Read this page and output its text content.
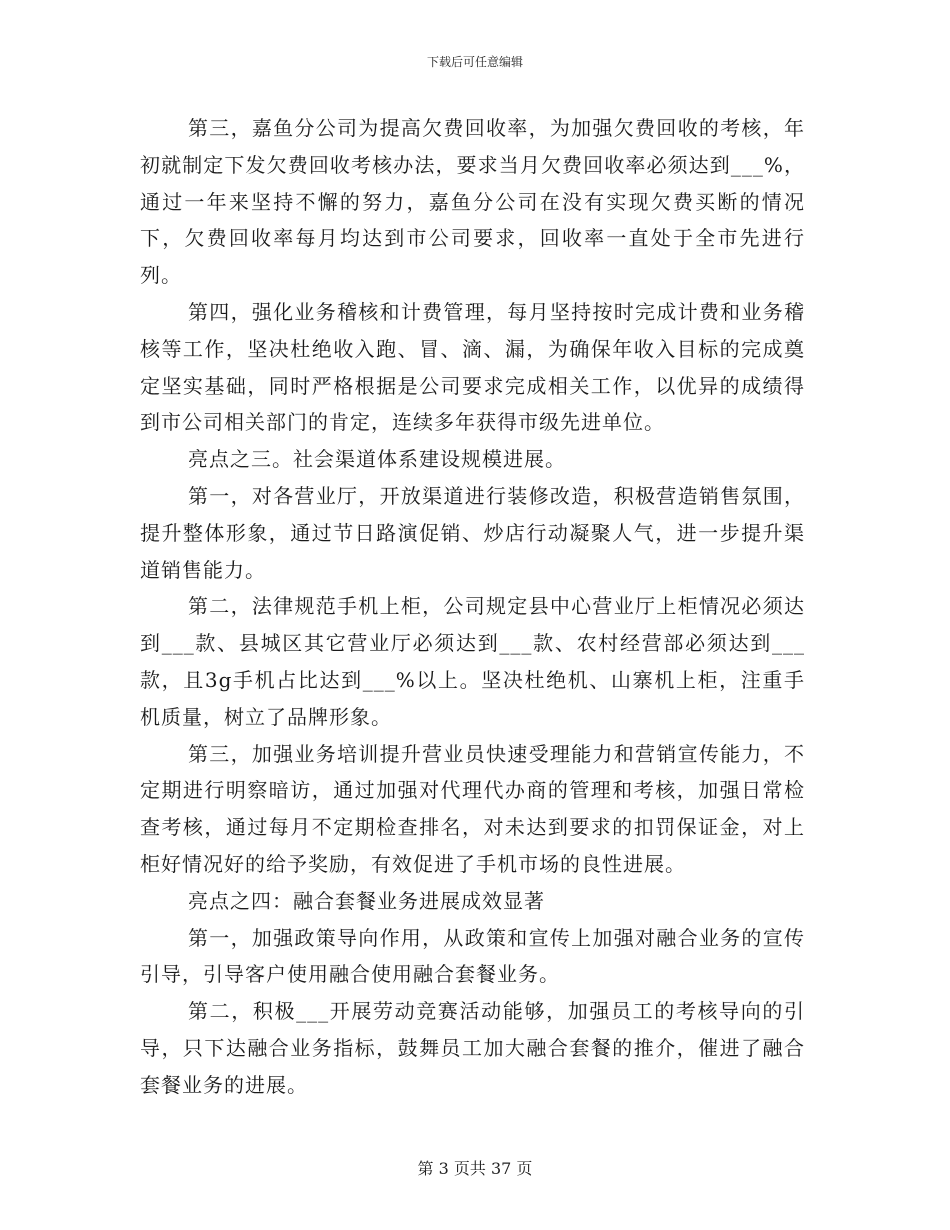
下载后可任意编辑

第三，嘉鱼分公司为提高欠费回收率，为加强欠费回收的考核，年初就制定下发欠费回收考核办法，要求当月欠费回收率必须达到___%，通过一年来坚持不懈的努力，嘉鱼分公司在没有实现欠费买断的情况下，欠费回收率每月均达到市公司要求，回收率一直处于全市先进行列。

第四，强化业务稽核和计费管理，每月坚持按时完成计费和业务稽核等工作，坚决杜绝收入跑、冒、滴、漏，为确保年收入目标的完成奠定坚实基础，同时严格根据是公司要求完成相关工作，以优异的成绩得到市公司相关部门的肯定，连续多年获得市级先进单位。

亮点之三。社会渠道体系建设规模进展。

第一，对各营业厅，开放渠道进行装修改造，积极营造销售氛围，提升整体形象，通过节日路演促销、炒店行动凝聚人气，进一步提升渠道销售能力。

第二，法律规范手机上柜，公司规定县中心营业厅上柜情况必须达到___款、县城区其它营业厅必须达到___款、农村经营部必须达到___款，且3g手机占比达到___%以上。坚决杜绝机、山寨机上柜，注重手机质量，树立了品牌形象。

第三，加强业务培训提升营业员快速受理能力和营销宣传能力，不定期进行明察暗访，通过加强对代理代办商的管理和考核，加强日常检查考核，通过每月不定期检查排名，对未达到要求的扣罚保证金，对上柜好情况好的给予奖励，有效促进了手机市场的良性进展。

亮点之四：融合套餐业务进展成效显著

第一，加强政策导向作用，从政策和宣传上加强对融合业务的宣传引导，引导客户使用融合使用融合套餐业务。

第二，积极___开展劳动竞赛活动能够，加强员工的考核导向的引导，只下达融合业务指标，鼓舞员工加大融合套餐的推介，催进了融合套餐业务的进展。

第 3 页共 37 页
